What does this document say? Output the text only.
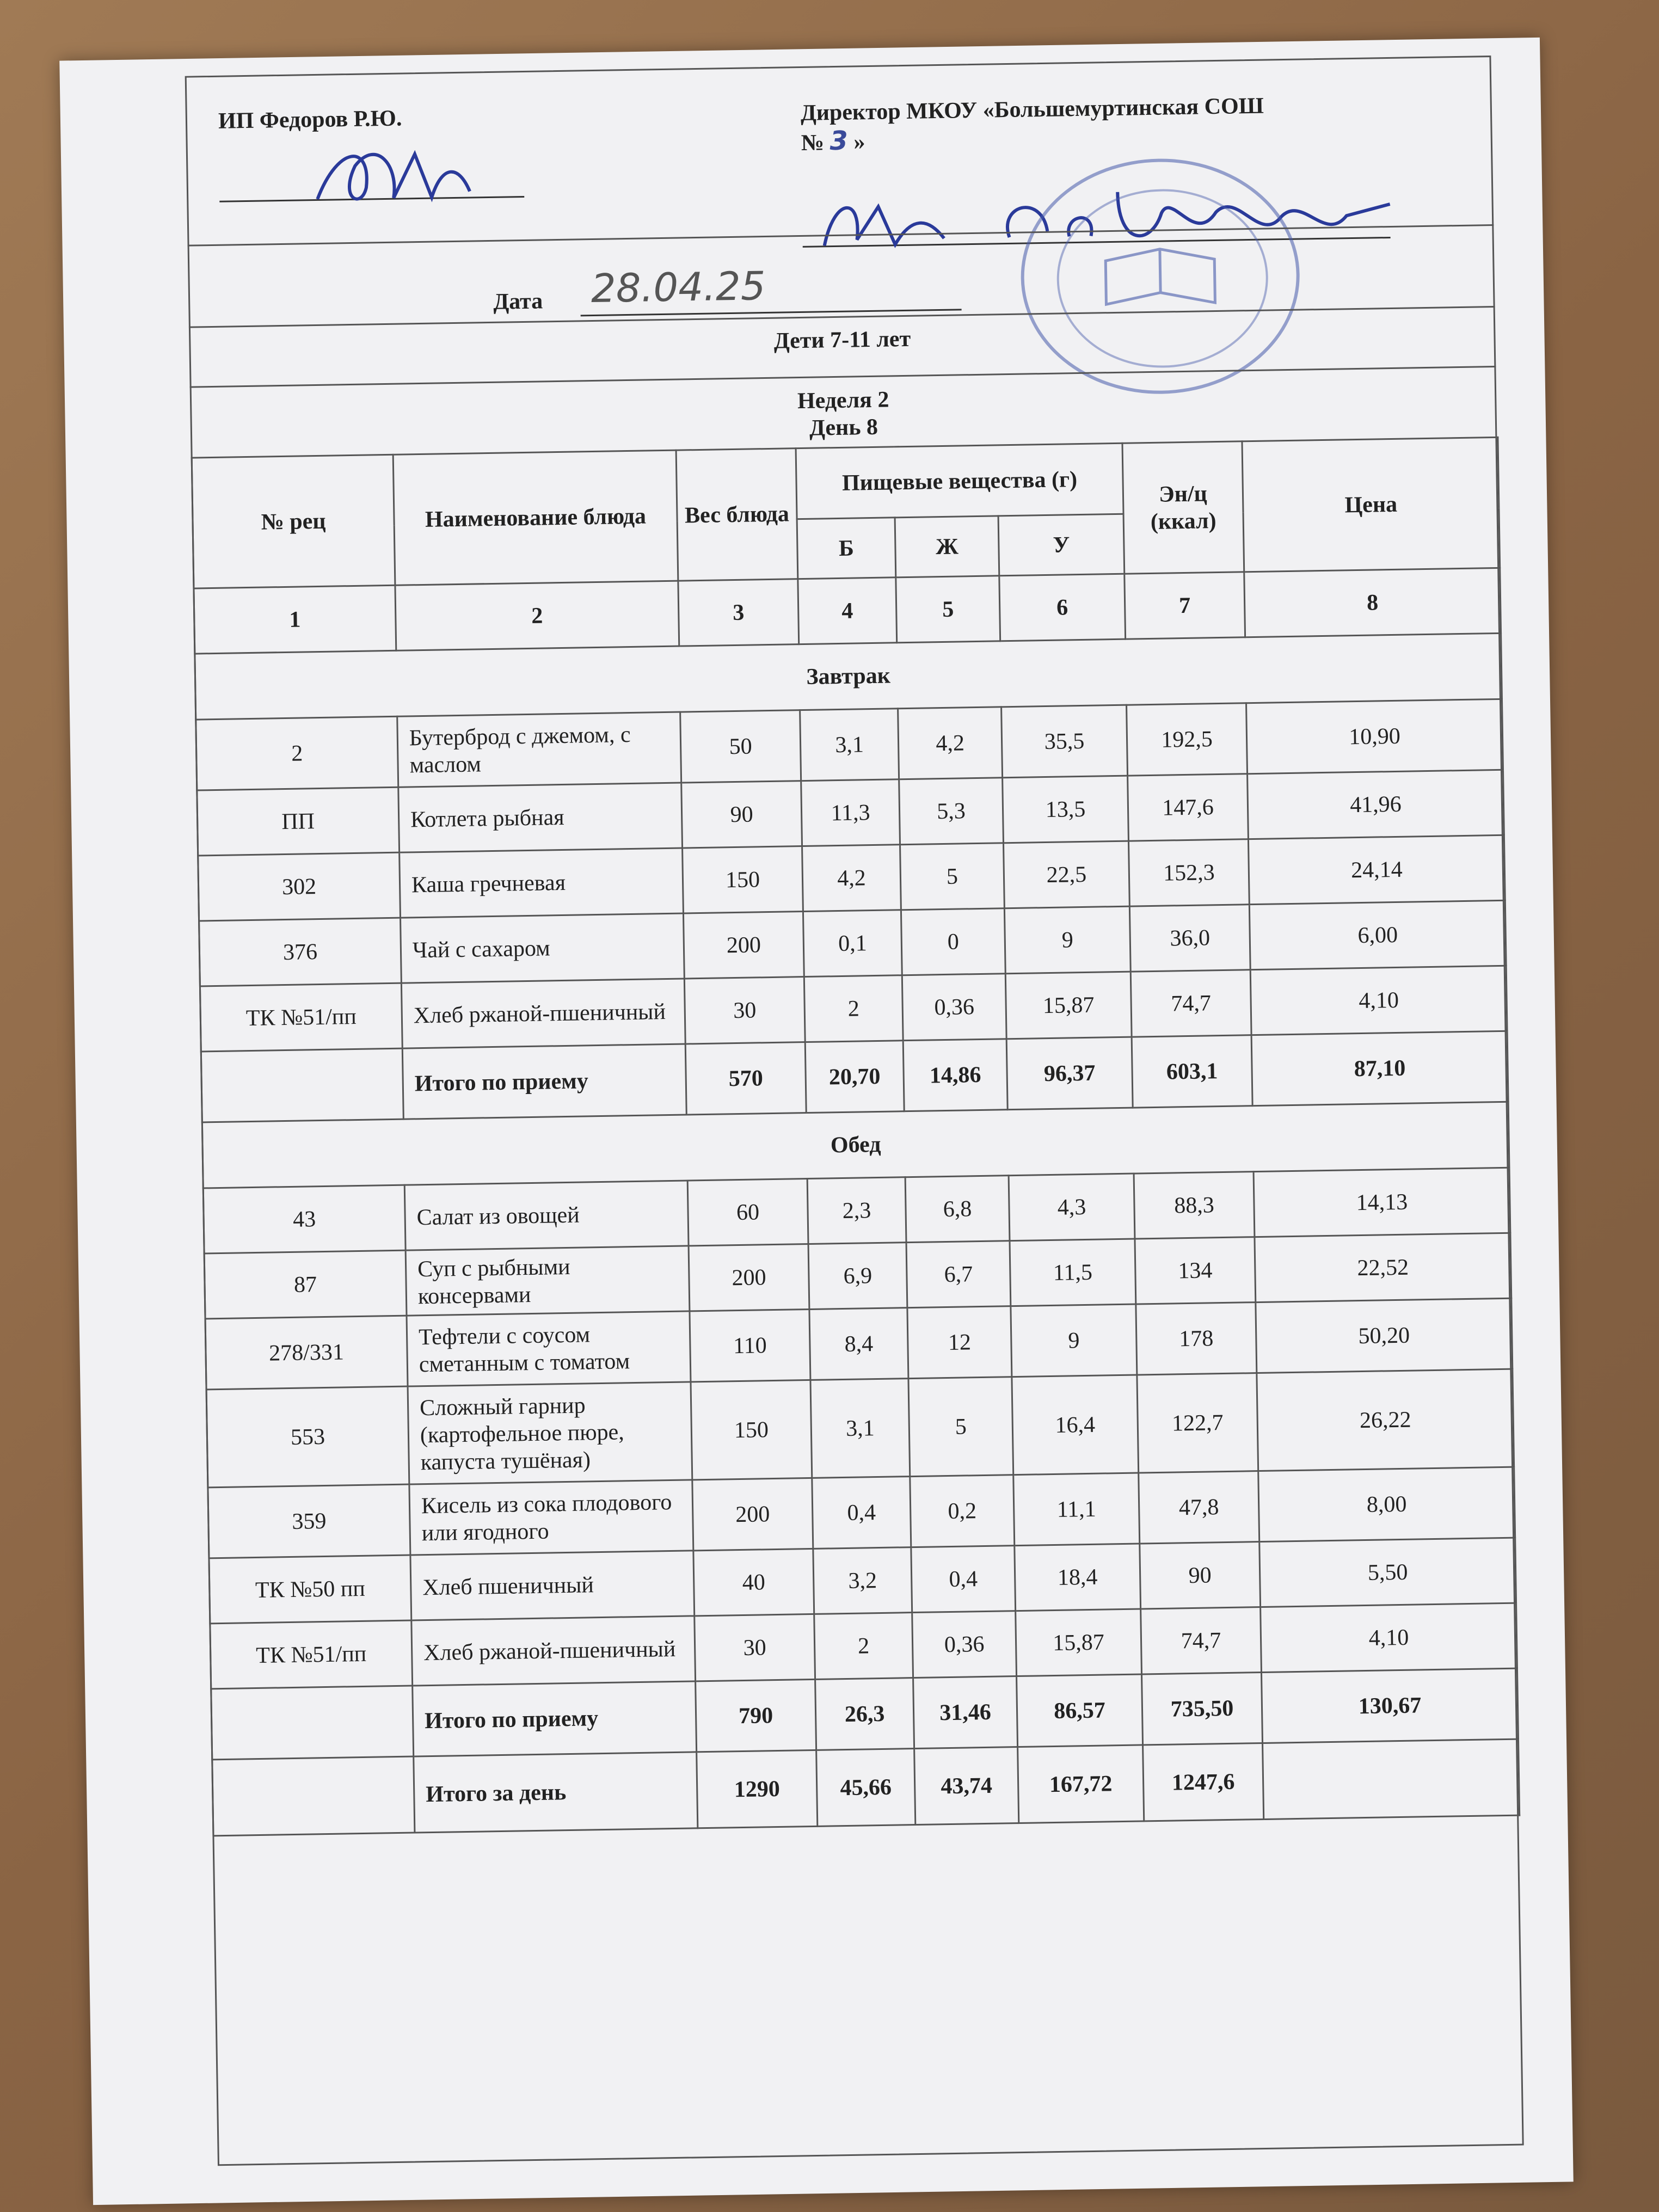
ИП Федоров Р.Ю.	Директор МКОУ «Большемуртинская СОШ
№ 3 »
Дата 28.04.25
Дети 7-11 лет
Неделя 2
День 8
№ рец	Наименование блюда	Вес блюда	Пищевые вещества (г)			Эн/ц (ккал)	Цена
			Б	Ж	У		
1	2	3	4	5	6	7	8
Завтрак							
2	Бутерброд с джемом, с маслом	50	3,1	4,2	35,5	192,5	10,90
ПП	Котлета рыбная	90	11,3	5,3	13,5	147,6	41,96
302	Каша гречневая	150	4,2	5	22,5	152,3	24,14
376	Чай с сахаром	200	0,1	0	9	36,0	6,00
ТК №51/пп	Хлеб ржаной-пшеничный	30	2	0,36	15,87	74,7	4,10
	Итого по приему	570	20,70	14,86	96,37	603,1	87,10
Обед							
43	Салат из овощей	60	2,3	6,8	4,3	88,3	14,13
87	Суп с рыбными консервами	200	6,9	6,7	11,5	134	22,52
278/331	Тефтели с соусом сметанным с томатом	110	8,4	12	9	178	50,20
553	Сложный гарнир (картофельное пюре, капуста тушёная)	150	3,1	5	16,4	122,7	26,22
359	Кисель из сока плодового или ягодного	200	0,4	0,2	11,1	47,8	8,00
ТК №50 пп	Хлеб пшеничный	40	3,2	0,4	18,4	90	5,50
ТК №51/пп	Хлеб ржаной-пшеничный	30	2	0,36	15,87	74,7	4,10
	Итого по приему	790	26,3	31,46	86,57	735,50	130,67
	Итого за день	1290	45,66	43,74	167,72	1247,6	
